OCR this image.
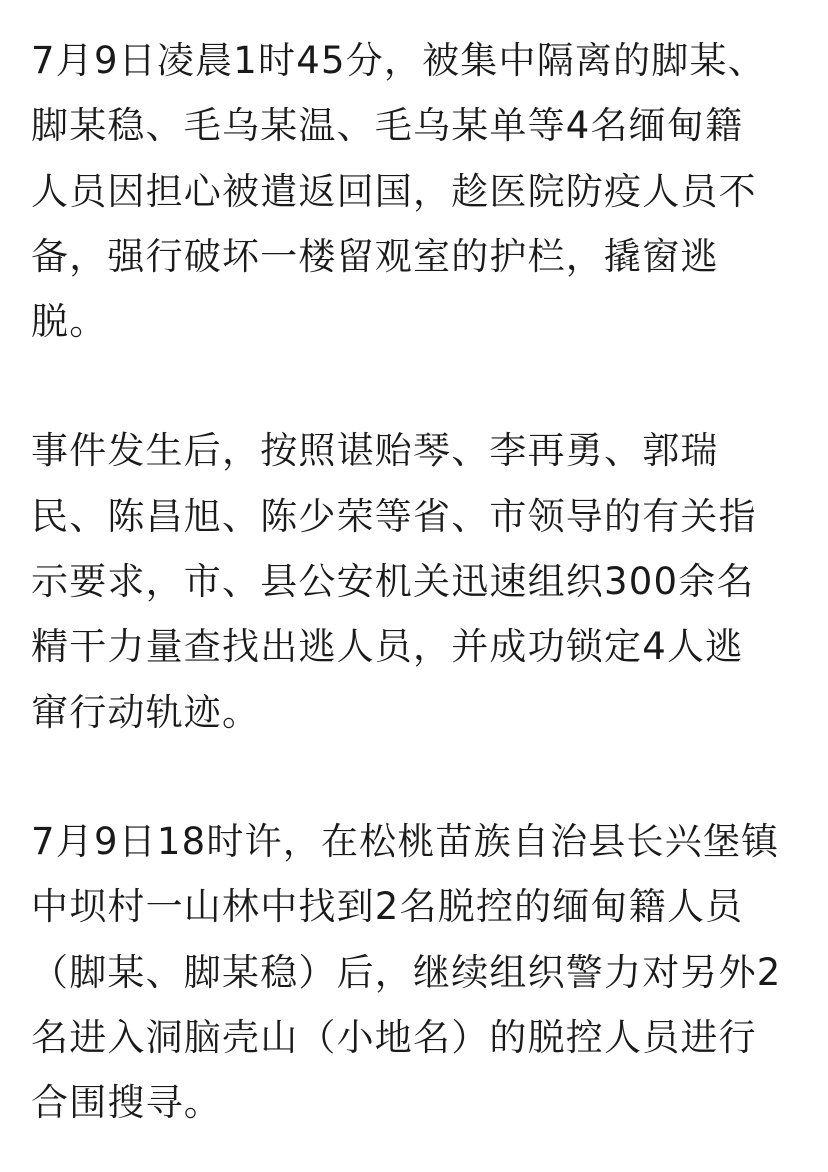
7月9日凌晨1时45分，被集中隔离的脚某、
脚某稳、毛乌某温、毛乌某单等4名缅甸籍
人员因担心被遣返回国，趁医院防疫人员不
备，强行破坏一楼留观室的护栏，撬窗逃
脱。

事件发生后，按照谌贻琴、李再勇、郭瑞
民、陈昌旭、陈少荣等省、市领导的有关指
示要求，市、县公安机关迅速组织300余名
精干力量查找出逃人员，并成功锁定4人逃
窜行动轨迹。

7月9日18时许，在松桃苗族自治县长兴堡镇
中坝村一山林中找到2名脱控的缅甸籍人员
（脚某、脚某稳）后，继续组织警力对另外2
名进入洞脑壳山（小地名）的脱控人员进行
合围搜寻。
